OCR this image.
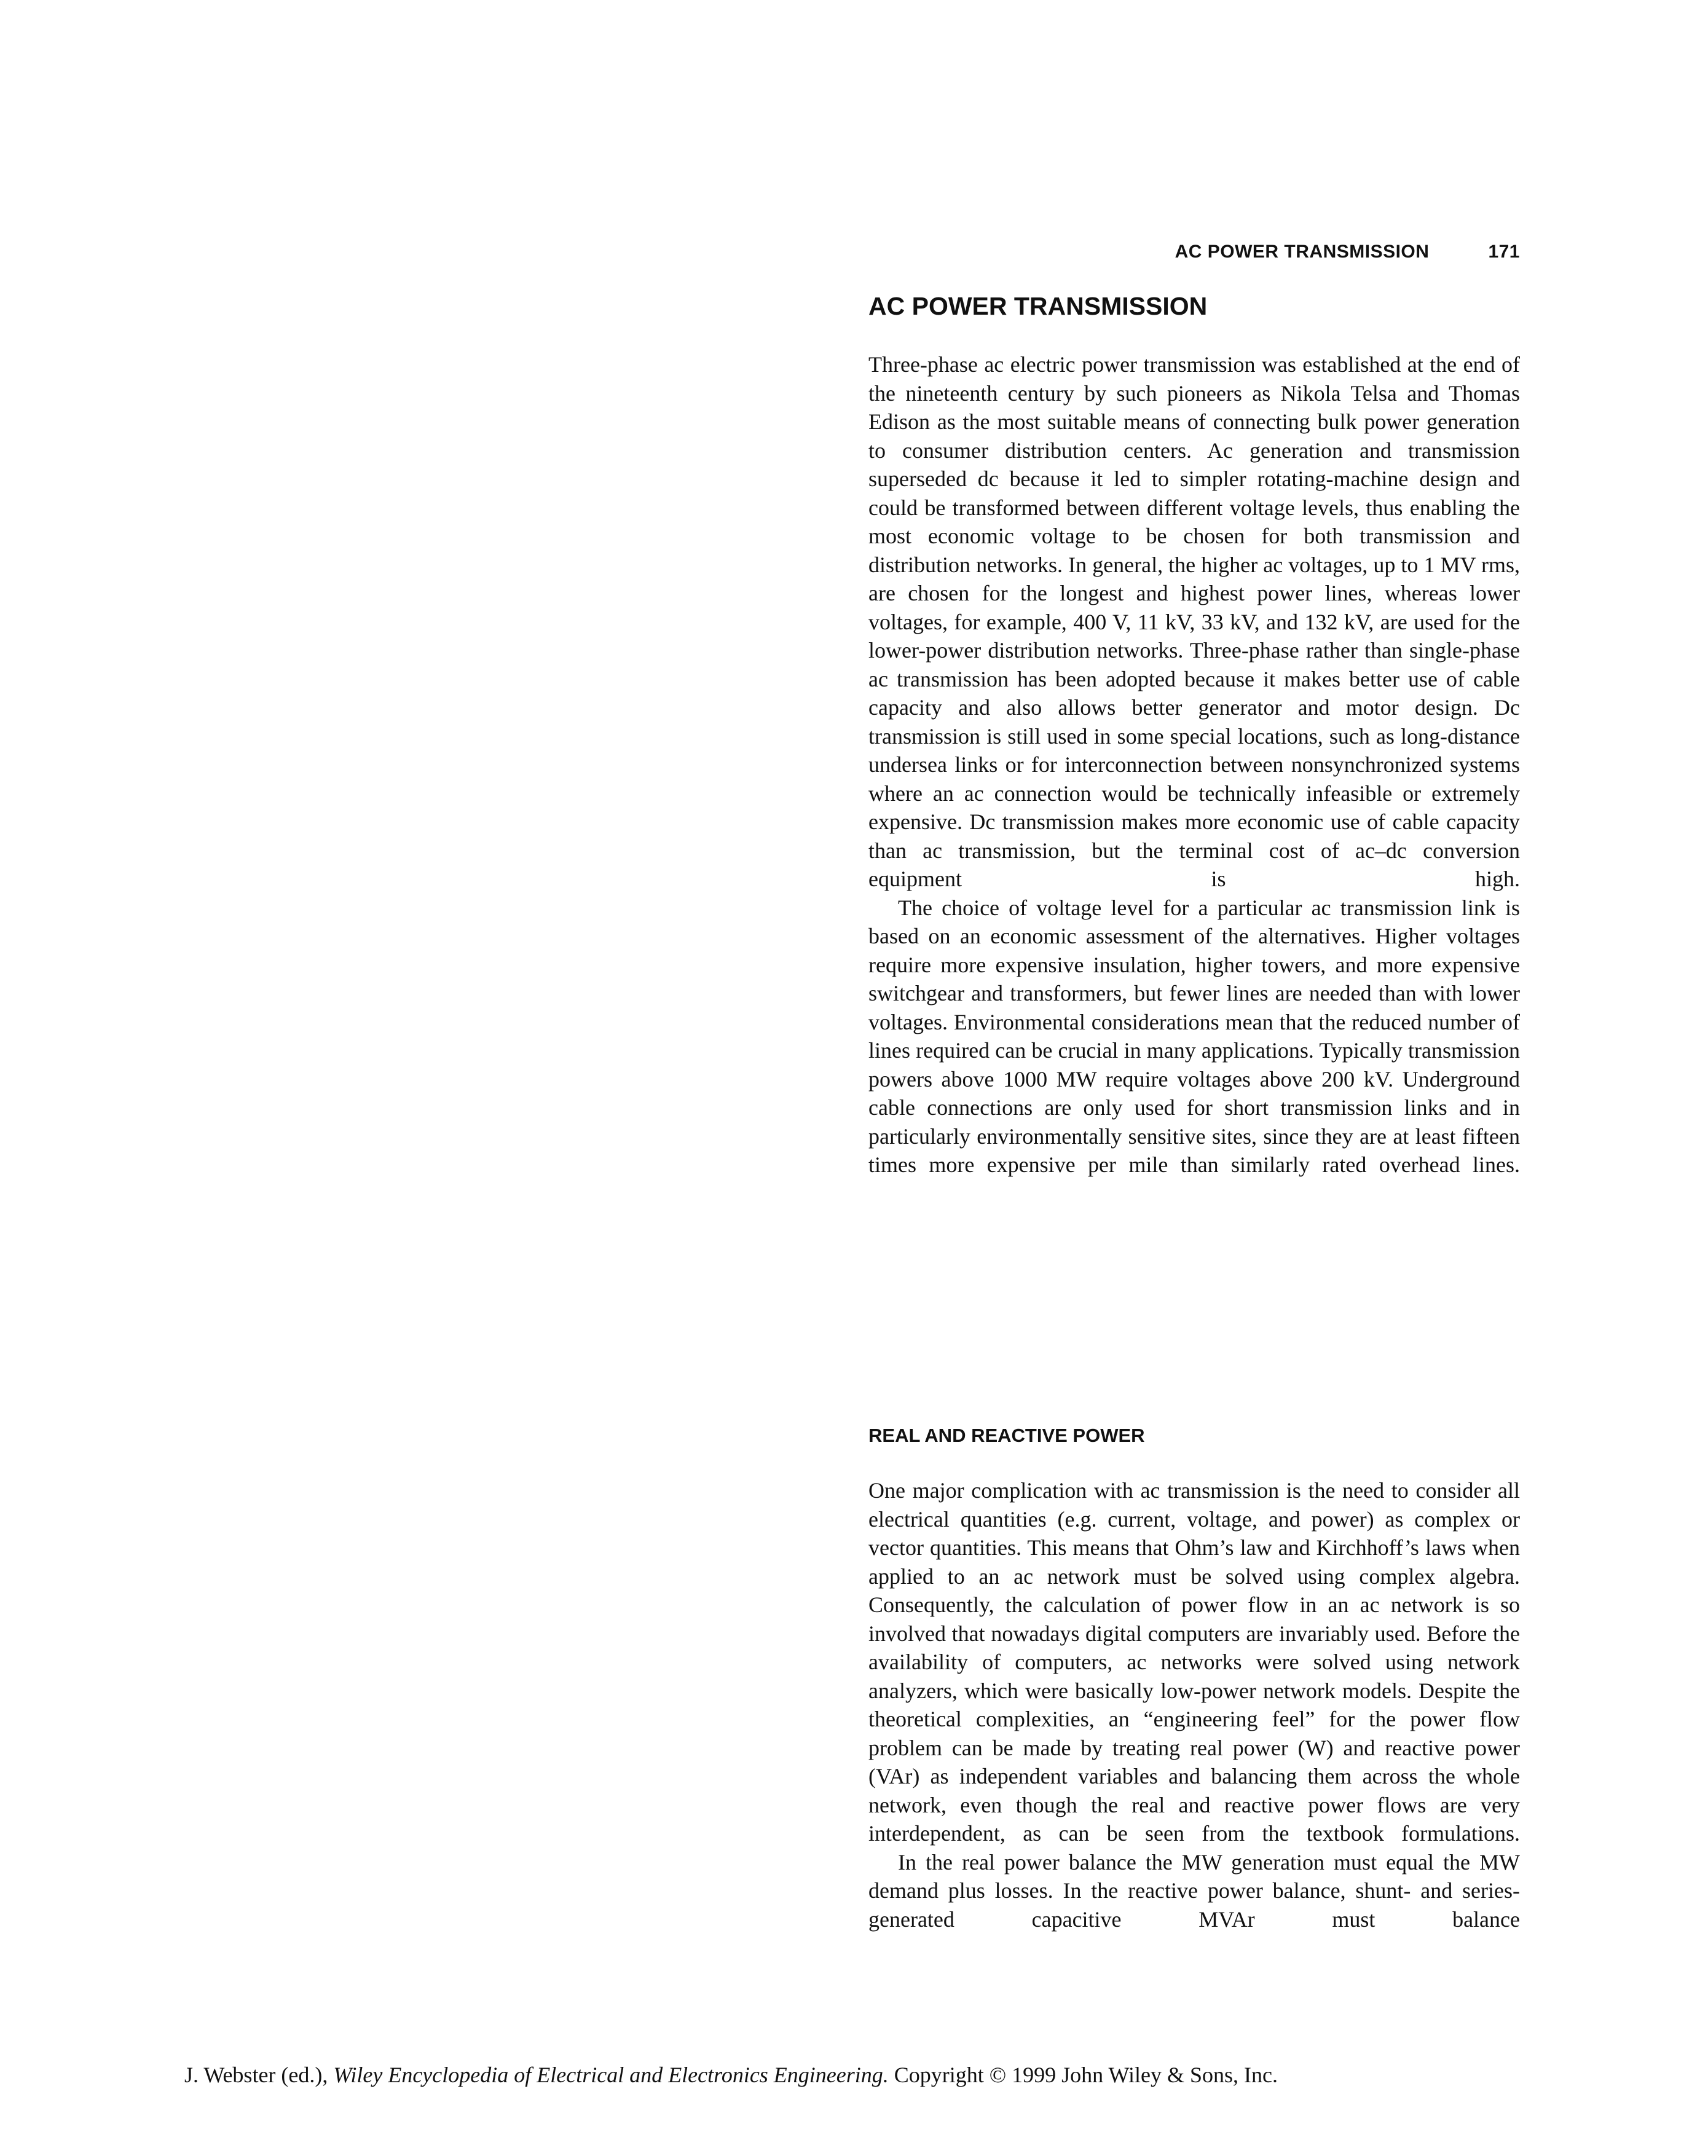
AC POWER TRANSMISSION	171
AC POWER TRANSMISSION

Three-phase ac electric power transmission was established at the end of the nineteenth century by such pioneers as Nikola Telsa and Thomas Edison as the most suitable means of connecting bulk power generation to consumer distribution centers. Ac generation and transmission superseded dc because it led to simpler rotating-machine design and could be transformed between different voltage levels, thus enabling the most economic voltage to be chosen for both transmission and distribution networks. In general, the higher ac voltages, up to 1 MV rms, are chosen for the longest and highest power lines, whereas lower voltages, for example, 400 V, 11 kV, 33 kV, and 132 kV, are used for the lower-power distribution networks. Three-phase rather than single-phase ac transmission has been adopted because it makes better use of cable capacity and also allows better generator and motor design. Dc transmission is still used in some special locations, such as long-distance undersea links or for interconnection between nonsynchronized systems where an ac connection would be technically infeasible or extremely expensive. Dc transmission makes more economic use of cable capacity than ac transmission, but the terminal cost of ac–dc conversion equipment is high.

The choice of voltage level for a particular ac transmission link is based on an economic assessment of the alternatives. Higher voltages require more expensive insulation, higher towers, and more expensive switchgear and transformers, but fewer lines are needed than with lower voltages. Environmental considerations mean that the reduced number of lines required can be crucial in many applications. Typically transmission powers above 1000 MW require voltages above 200 kV. Underground cable connections are only used for short transmission links and in particularly environmentally sensitive sites, since they are at least fifteen times more expensive per mile than similarly rated overhead lines.

REAL AND REACTIVE POWER

One major complication with ac transmission is the need to consider all electrical quantities (e.g. current, voltage, and power) as complex or vector quantities. This means that Ohm’s law and Kirchhoff’s laws when applied to an ac network must be solved using complex algebra. Consequently, the calculation of power flow in an ac network is so involved that nowadays digital computers are invariably used. Before the availability of computers, ac networks were solved using network analyzers, which were basically low-power network models. Despite the theoretical complexities, an “engineering feel” for the power flow problem can be made by treating real power (W) and reactive power (VAr) as independent variables and balancing them across the whole network, even though the real and reactive power flows are very interdependent, as can be seen from the textbook formulations.

In the real power balance the MW generation must equal the MW demand plus losses. In the reactive power balance, shunt- and series-generated capacitive MVAr must balance

J. Webster (ed.), Wiley Encyclopedia of Electrical and Electronics Engineering. Copyright © 1999 John Wiley & Sons, Inc.
